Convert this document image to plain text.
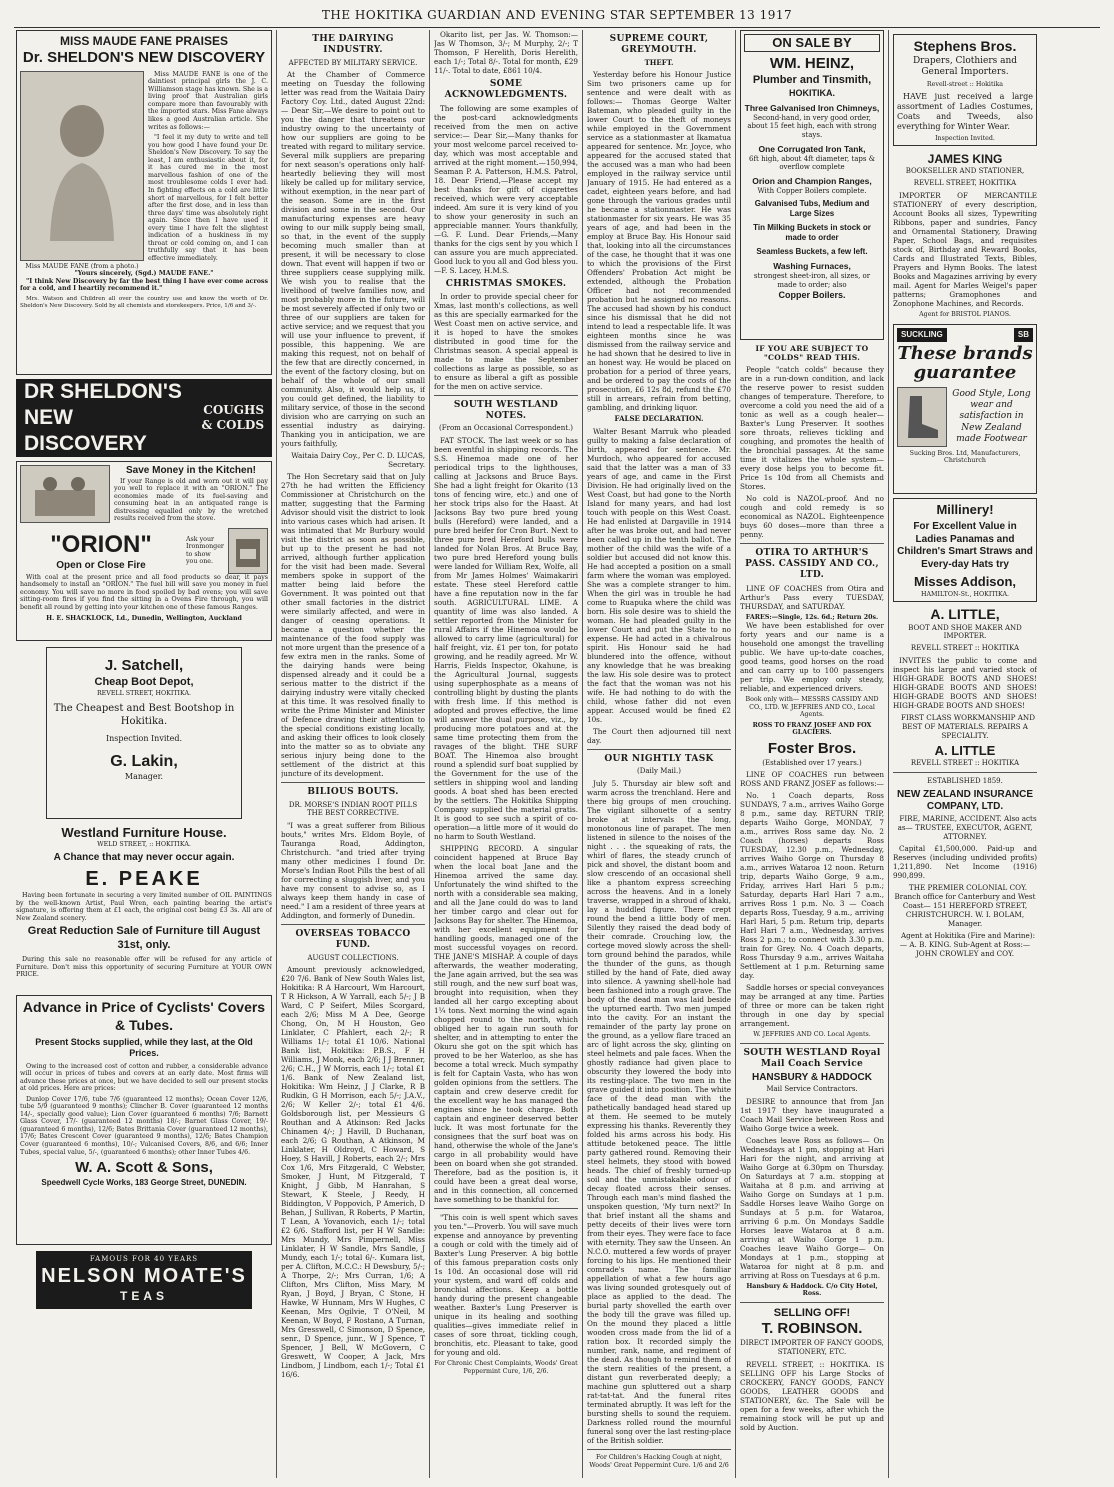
THE HOKITIKA GUARDIAN AND EVENING STAR SEPTEMBER 13 1917
MISS MAUDE FANE PRAISES
Dr. SHELDON'S NEW DISCOVERY
Miss MAUDE FANE (from a photo.)

Miss MAUDE FANE is one of the daintiest principal girls the J. C. Williamson stage has known. She is a living proof that Australian girls compare more than favourably with the imported stars. Miss Fane always likes a good Australian article. She writes as follows:—

"I feel it my duty to write and tell you how good I have found your Dr. Sheldon's New Discovery. To say the least, I am enthusiastic about it, for it has cured me in the most marvellous fashion of one of the most troublesome colds I ever had. In fighting effects on a cold are little short of marvellous, for I felt better after the first dose, and in less than three days' time was absolutely right again. Since then I have used it every time I have felt the slightest indication of a huskiness in my throat or cold coming on, and I can truthfully say that it has been effective immediately.

"Yours sincerely, (Sgd.) MAUDE FANE."

"I think New Discovery by far the best thing I have ever come across for a cold, and I heartily recommend it."

Mrs. Watson and Children all over the country use and know the worth of Dr. Sheldon's New Discovery. Sold by all chemists and storekeepers. Price, 1/6 and 3/-.

DR SHELDON'S
NEW DISCOVERY
COUGHS & COLDS
Save Money in the Kitchen!

If your Range is old and worn out it will pay you well to replace it with an "ORION." The economies made of its fuel-saving and consuming heat in an antiquated range is distressing equalled only by the wretched results received from the stove.

"ORION"
Open or Close Fire
Ask your Ironmonger to show you one.

With coal at the present price and all food products so dear, it pays handsomely to install an "ORION." The fuel bill will save you money in fuel economy. You will save no more in food spoiled by bad ovens; you will save sitting-room fires if you find the sitting in a Ovens Fire through, you will benefit all round by getting into your kitchen one of these famous Ranges.

H. E. SHACKLOCK, Ld., Dunedin, Wellington, Auckland
J. Satchell,
Cheap Boot Depot,
REVELL STREET, HOKITIKA.
The Cheapest and Best Bootshop in Hokitika.
Inspection Invited.
G. Lakin,
Manager.
Westland Furniture House.
WELD STREET, :: HOKITIKA.
A Chance that may never occur again.
E. PEAKE

Having been fortunate in securing a very limited number of OIL PAINTINGS by the well-known Artist, Paul Wren, each painting bearing the artist's signature, is offering them at £1 each, the original cost being £3 3s. All are of New Zealand scenery.

Great Reduction Sale of Furniture till August 31st, only.

During this sale no reasonable offer will be refused for any article of Furniture. Don't miss this opportunity of securing Furniture at YOUR OWN PRICE.

Advance in Price of Cyclists' Covers & Tubes.
Present Stocks supplied, while they last, at the Old Prices.

Owing to the increased cost of cotton and rubber, a considerable advance will occur in prices of tubes and covers at an early date. Most firms will advance these prices at once, but we have decided to sell our present stocks at old prices. Here are prices:

Dunlop Cover 17/6, tube 7/6 (guaranteed 12 months); Ocean Cover 12/6, tube 5/9 (guaranteed 9 months); Clincher B. Cover (guaranteed 12 months 14/-, specially good value); Lion Cover (guaranteed 6 months) 7/6; Barnett Glass Cover, 17/- (guaranteed 12 months) 18/-; Barnet Glass Cover, 19/- (guaranteed 6 months), 12/6; Bates Brittania Cover (guaranteed 12 months), 17/6; Bates Crescent Cover (guaranteed 9 months), 12/6; Bates Champion Cover (guaranteed 6 months), 10/-; Vulcanised Covers, 8/6, and 6/6; Inner Tubes, special value, 5/-, (guaranteed 6 months); other Inner Tubes 4/6.

W. A. Scott & Sons,
Speedwell Cycle Works, 183 George Street, DUNEDIN.
FAMOUS FOR 40 YEARS
NELSON MOATE'S
TEAS
THE DAIRYING INDUSTRY.
AFFECTED BY MILITARY SERVICE.

At the Chamber of Commerce meeting on Tuesday the following letter was read from the Waitaia Dairy Factory Coy. Ltd., dated August 22nd:— Dear Sir,—We desire to point out to you the danger that threatens our industry owing to the uncertainty of how our suppliers are going to be treated with regard to military service. Several milk suppliers are preparing for next season's operations only half-heartedly believing they will most likely be called up for military service, without exemption, in the near part of the season. Some are in the first division and some in the second. Our manufacturing expenses are heavy owing to our milk supply being small, so that, in the event of the supply becoming much smaller than at present, it will be necessary to close down. That event will happen if two or three suppliers cease supplying milk. We wish you to realise that the livelihood of twelve families now, and most probably more in the future, will be most severely affected if only two or three of our suppliers are taken for active service; and we request that you will use your influence to prevent, if possible, this happening. We are making this request, not on behalf of the few that are directly concerned, in the event of the factory closing, but on behalf of the whole of our small community. Also, it would help us, if you could get defined, the liability to military service, of those in the second division who are carrying on such an essential industry as dairying. Thanking you in anticipation, we are yours faithfully,

Waitaia Dairy Coy., Per C. D. LUCAS, Secretary.

The Hon Secretary said that on July 27th he had written the Efficiency Commissioner at Christchurch on the matter, suggesting that the Farming Advisor should visit the district to look into various cases which had arisen. It was intimated that Mr Burbury would visit the district as soon as possible, but up to the present he had not arrived, although further application for the visit had been made. Several members spoke in support of the matter being laid before the Government. It was pointed out that other small factories in the district were similarly affected, and were in danger of ceasing operations. It became a question whether the maintenance of the food supply was not more urgent than the presence of a few extra men in the ranks. Some of the dairying hands were being dispensed already and it could be a serious matter to the district if the dairying industry were vitally checked at this time. It was resolved finally to write the Prime Minister and Minister of Defence drawing their attention to the special conditions existing locally, and asking their offices to look closely into the matter so as to obviate any serious injury being done to the settlement of the district at this juncture of its development.

BILIOUS BOUTS.
DR. MORSE'S INDIAN ROOT PILLS THE BEST CORRECTIVE.

"I was a great sufferer from Bilious bouts," writes Mrs. Eldom Boyle, of Tauranga Road, Addington, Christchurch. "and tried after trying many other medicines I found Dr. Morse's Indian Root Pills the best of all for correcting a sluggish liver, and you have my consent to advise so, as I always keep them handy in case of need." I am a resident of three years at Addington, and formerly of Dunedin.

OVERSEAS TOBACCO FUND.
AUGUST COLLECTIONS.

Amount previously acknowledged, £20 7/6. Bank of New South Wales list, Hokitika: R A Harcourt, Wm Harcourt, T R Hickson, A W Yarrall, each 5/-; J B Ward, C P Seifert, Miles Scorgard, each 2/6; Miss M A Dee, George Chong, On, M H Houston, Geo Linklater, C Pfahlert, each 2/-; R Williams 1/-; total £1 10/6. National Bank list, Hokitika: P.B.S., F H Williams, J Monk, each 2/6; J J Brenner, 2/6; C.H., J W Morris, each 1/-; total £1 1/6. Bank of New Zealand list, Hokitika: Wm Heinz, J J Clarke, R B Rudkin, G H Morrison, each 5/-; J.A.V., 2/6; W Keller 2/-; total £1 4/6. Goldsborough list, per Messieurs G Routhan and A Atkinson: Red Jacks Chinamen 4/-; J Havill, D Buchanan, each 2/6; G Routhan, A Atkinson, M Linklater, H Oldroyd, C Howard, S Hoey, S Havill, J Roberts, each 2/-; Mrs Cox 1/6, Mrs Fitzgerald, C Webster, Smoker, J Hunt, M Fitzgerald, T Knight, J Gibb, M Hanrahan, S Stewart, K Steele, J Reedy, H Biddington, V Poppovich, P Americh, D Behan, J Sullivan, R Roberts, P Martin, T Lean, A Yovanovich, each 1/-; total £2 6/6. Stafford list, per H W Sandle: Mrs Mundy, Mrs Pimpernell, Miss Linklater, H W Sandle, Mrs Sandle, J Mundy, each 1/-; total 6/-. Kumara list, per A. Clifton, M.C.C.: H Dewsbury, 5/-; A Thorpe, 2/-; Mrs Curran, 1/6; A Clifton, Mrs Clifton, Miss Mary, M Ryan, J Boyd, J Bryan, C Stone, H Hawke, W Hunnam, Mrs W Hughes, C Keenan, Mrs Ogilvie, T O'Neil, M Keenan, W Boyd, F Rostano, A Turnan, Mrs Gresswell, C Simonson, D Spence, senr., D Spence, junr., W J Spence, T Spencer, J Bell, W McGovern, C Greswett, W Cooper, A Jack, Mrs Lindbom, J Lindbom, each 1/-; Total £1 16/6.

Okarito list, per Jas. W. Thomson:— Jas W Thomson, 3/-; M Murphy, 2/-; T Thomson, F Herelith, Doris Herelith, each 1/-; Total 8/-. Total for month, £29 11/-. Total to date, £861 10/4.

SOME ACKNOWLEDGMENTS.

The following are some examples of the post-card acknowledgments received from the men on active service:— Dear Sir,—Many thanks for your most welcome parcel received to-day, which was most acceptable and arrived at the right moment.—150,994, Seaman P. A. Patterson, H.M.S. Patrol, 18. Dear Friend,—Please accept my best thanks for gift of cigarettes received, which were very acceptable indeed. Am sure it is very kind of you to show your generosity in such an appreciable manner. Yours thankfully,—G. F. Lund. Dear Friends,—Many thanks for the cigs sent by you which I can assure you are much appreciated. Good luck to you all and God bless you.—F. S. Lacey, H.M.S.

CHRISTMAS SMOKES.

In order to provide special cheer for Xmas, last month's collections, as well as this are specially earmarked for the West Coast men on active service, and it is hoped to have the smokes distributed in good time for the Christmas season. A special appeal is made to make the September collections as large as possible, so as to ensure as liberal a gift as possible for the men on active service.

SOUTH WESTLAND NOTES.
(From an Occasional Correspondent.)

FAT STOCK. The last week or so has been eventful in shipping records. The S.S. Hinemoa made one of her periodical trips to the lighthouses, calling at Jacksons and Bruce Bays. She had a light freight for Okarito (13 tons of fencing wire, etc.) and one of her stock trips also for the Haast. At Jacksons Bay two pure bred young bulls (Hereford) were landed, and a pure bred heifer for Cron Burt. Next to three pure bred Hereford bulls were landed for Nolan Bros. At Bruce Bay, two pure bred Hereford young bulls were landed for William Rex, Wolfe, all from Mr James Holmes' Waimakariri estate. These steel Hereford cattle have a fine reputation now in the far south. AGRICULTURAL LIME. A quantity of lime was also landed. A settler reported from the Minister for rural Affairs if the Hinemoa would be allowed to carry lime (agricultural) for half freight, viz. £1 per ton, for potato growing, and he readily agreed. Mr W. Harris, Fields Inspector, Okahune, is the Agricultural Journal, suggests using superphosphate as a means of controlling blight by dusting the plants with fresh lime. If this method is adopted and proves effective, the lime will answer the dual purpose, viz., by producing more potatoes and at the same time protecting them from the ravages of the blight. THE SURF BOAT. The Hinemoa also brought round a splendid surf boat supplied by the Government for the use of the settlers in shipping wool and landing goods. A boat shed has been erected by the settlers. The Hokitika Shipping Company supplied the material gratis. It is good to see such a spirit of co-operation—a little more of it would do no harm to South Westland.

SHIPPING RECORD. A singular coincident happened at Bruce Bay when the local boat Jane and the Hinemoa arrived the same day. Unfortunately the wind shifted to the north with a considerable sea making, and all the Jane could do was to land her timber cargo and clear out for Jacksons Bay for shelter. The Hinemoa, with her excellent equipment for handling goods, managed one of the most successful voyages on record. THE JANE'S MISHAP. A couple of days afterwards, the weather moderating, the Jane again arrived, but the sea was still rough, and the new surf boat was, brought into requisition, when they landed all her cargo excepting about 1¼ tons. Next morning the wind again chopped round to the north, which obliged her to again run south for shelter, and in attempting to enter the Okuru she got on the spit which has proved to be her Waterloo, as she has become a total wreck. Much sympathy is felt for Captain Vasta, who has won golden opinions from the settlers. The captain and crew deserve credit for the excellent way he has managed the engines since he took charge. Both captain and engineer deserved better luck. It was most fortunate for the consignees that the surf boat was on hand, otherwise the whole of the Jane's cargo in all probability would have been on board when she got stranded. Therefore, bad as the position is, it could have been a great deal worse, and in this connection, all concerned have something to be thankful for.

"This coin is well spent which saves you ten."—Proverb. You will save much expense and annoyance by preventing a cough or cold with the timely aid of Baxter's Lung Preserver. A big bottle of this famous preparation costs only 1s 10d. An occasional dose will rid your system, and ward off colds and bronchial affections. Keep a bottle handy during the present changeable weather. Baxter's Lung Preserver is unique in its healing and soothing qualities—gives immediate relief in cases of sore throat, tickling cough, bronchitis, etc. Pleasant to take, good for young and old.

For Chronic Chest Complaints, Woods' Great Peppermint Cure, 1/6, 2/6.
SUPREME COURT, GREYMOUTH.
THEFT.

Yesterday before his Honour Justice Sim two prisoners came up for sentence and were dealt with as follows:— Thomas George Walter Bateman, who pleaded guilty in the lower Court to the theft of moneys while employed in the Government service as a stationmaster at Ikamatua appeared for sentence. Mr. Joyce, who appeared for the accused stated that the accused was a man who had been employed in the railway service until January of 1915. He had entered as a cadet, eighteen years before, and had gone through the various grades until he became a stationmaster. He was stationmaster for six years. He was 35 years of age, and had been in the employ at Bruce Bay. His Honour said that, looking into all the circumstances of the case, he thought that it was one to which the provisions of the First Offenders' Probation Act might be extended, although the Probation Officer had not recommended probation but he assigned no reasons. The accused had shown by his conduct since his dismissal that he did not intend to lead a respectable life. It was eighteen months since he was dismissed from the railway service and he had shown that he desired to live in an honest way. He would be placed on probation for a period of three years, and be ordered to pay the costs of the prosecution, £6 12s 8d, refund the £70 still in arrears, refrain from betting, gambling, and drinking liquor.

FALSE DECLARATION.

Walter Besant Marruk who pleaded guilty to making a false declaration of birth, appeared for sentence. Mr. Murdoch, who appeared for accused said that the latter was a man of 33 years of age, and came in the First Division. He had originally lived on the West Coast, but had gone to the North Island for many years, and had lost touch with people on this West Coast. He had enlisted at Dargaville in 1914 after he was broke out, and had never been called up in the tenth ballot. The mother of the child was the wife of a soldier but accused did not know this. He had accepted a position on a small farm where the woman was employed. She was a complete stranger to him. When the girl was in trouble he had come to Ruapuka where the child was born. His sole desire was to shield the woman. He had pleaded guilty in the lower Court and put the State to no expense. He had acted in a chivalrous spirit. His Honour said he had blundered into the offence, without any knowledge that he was breaking the law. His sole desire was to protect the fact that the woman was not his wife. He had nothing to do with the child, whose father did not even appear. Accused would be fined £2 10s.

The Court then adjourned till next day.

OUR NIGHTLY TASK
(Daily Mail.)

July 5. Thursday air blew soft and warm across the trenchland. Here and there big groups of men crouching. The vigilant silhouette of a sentry broke at intervals the long, monotonous line of parapet. The men listened in silence to the noises of the night . . . the squeaking of rats, the whirl of flares, the steady crunch of pick and shovel, the distant boom and slow crescendo of an occasional shell like a phantom express screeching across the heavens. And in a lonely traverse, wrapped in a shroud of khaki, lay a huddled figure. There crept round the bend a little body of men. Silently they raised the dead body of their comrade. Crouching low, the cortege moved slowly across the shell-torn ground behind the parados, while the thunder of the guns, as though stilled by the hand of Fate, died away into silence. A yawning shell-hole had been fashioned into a rough grave. The body of the dead man was laid beside the upturned earth. Two men jumped into the cavity. For an instant the remainder of the party lay prone on the ground, as a yellow flare traced an arc of light across the sky, glinting on steel helmets and pale faces. When the ghostly radiance had given place to obscurity they lowered the body into its resting-place. The two men in the grave guided it into position. The white face of the dead man with the pathetically bandaged head stared up at them. He seemed to be mutely expressing his thanks. Reverently they folded his arms across his body. His attitude betokened peace. The little party gathered round. Removing their steel helmets, they stood with bowed heads. The chief of freshly turned-up soil and the unmistakable odour of decay floated across their senses. Through each man's mind flashed the unspoken question, 'My turn next?' In that brief instant all the shams and petty deceits of their lives were torn from their eyes. They were face to face with eternity. They saw the Unseen. An N.C.O. muttered a few words of prayer forcing to his lips. He mentioned their comrade's name. The familiar appellation of what a few hours ago was living sounded grotesquely out of place as applied to the dead. The burial party shovelled the earth over the body till the grave was filled up. On the mound they placed a little wooden cross made from the lid of a ration box. It recorded simply the number, rank, name, and regiment of the dead. As though to remind them of the stern realities of the present, a distant gun reverberated deeply; a machine gun spluttered out a sharp rat-tat-tat. And the funeral rites terminated abruptly. It was left for the bursting shells to sound the requiem. Darkness rolled round the mournful funeral song over the last resting-place of the British soldier.

For Children's Hacking Cough at night, Woods' Great Peppermint Cure. 1/6 and 2/6
ON SALE BY
WM. HEINZ,
Plumber and Tinsmith,
HOKITIKA.
Three Galvanised Iron Chimneys,
Second-hand, in very good order, about 15 feet high, each with strong stays.
One Corrugated Iron Tank,
6ft high, about 4ft diameter, taps & overflow complete
Orion and Champion Ranges,
With Copper Boilers complete.
Galvanised Tubs, Medium and Large Sizes
Tin Milking Buckets in stock or made to order
Seamless Buckets, a few left.
Washing Furnaces,
strongest sheet-iron, all sizes, or made to order; also
Copper Boilers.
IF YOU ARE SUBJECT TO "COLDS" READ THIS.

People "catch colds" because they are in a run-down condition, and lack the reserve power to resist sudden changes of temperature. Therefore, to overcome a cold you need the aid of a tonic as well as a cough healer—Baxter's Lung Preserver. It soothes sore throats, relieves tickling and coughing, and promotes the health of the bronchial passages. At the same time it vitalizes the whole system—every dose helps you to become fit. Price 1s 10d from all Chemists and Stores.

No cold is NAZOL-proof. And no cough and cold remedy is so economical as NAZOL. Eighteenpence buys 60 doses—more than three a penny.

OTIRA TO ARTHUR'S PASS. CASSIDY AND CO., LTD.

LINE OF COACHES from Otira and Arthur's Pass every TUESDAY, THURSDAY, and SATURDAY.

FARES:—Single, 12s. 6d.; Return 20s.

We have been established for over forty years and our name is a household one amongst the travelling public. We have up-to-date coaches, good teams, good horses on the road and can carry up to 100 passengers per trip. We employ only steady, reliable, and experienced drivers.

Book only with— MESSRS CASSIDY AND CO., LTD. W. JEFFRIES AND CO., Local Agents.
ROSS TO FRANZ JOSEF AND FOX GLACIERS.
Foster Bros.
(Established over 17 years.)

LINE OF COACHES run between ROSS AND FRANZ JOSEF as follows:—

No. 1 Coach departs, Ross SUNDAYS, 7 a.m., arrives Waiho Gorge 8 p.m., same day. RETURN TRIP, departs Waiho Gorge, MONDAY, 7 a.m., arrives Ross same day. No. 2 Coach (horses) departs Ross TUESDAY, 12.30 p.m., Wednesday, arrives Waiho Gorge on Thursday 8 a.m., arrives Wataroa 12 noon. Return trip, departs Waiho Gorge, 9 a.m., Friday, arrives Harl Hari 5 p.m.; Saturday, departs Harl Hari 7 a.m., arrives Ross 1 p.m. No. 3 — Coach departs Ross, Tuesday, 9 a.m., arriving Harl Hari, 5 p.m. Return trip, departs Harl Hari 7 a.m., Wednesday, arrives Ross 2 p.m.; to connect with 3.30 p.m. train for Grey. No. 4 Coach departs, Ross Thursday 9 a.m., arrives Waitaha Settlement at 1 p.m. Returning same day.

Saddle horses or special conveyances may be arranged at any time. Parties of three or more can be taken right through in one day by special arrangement.

W. JEFFRIES AND CO. Local Agents.
SOUTH WESTLAND Royal Mail Coach Service
HANSBURY & HADDOCK
Mail Service Contractors.

DESIRE to announce that from Jan 1st 1917 they have inaugurated a Coach Mail Service between Ross and Waiho Gorge twice a week.

Coaches leave Ross as follows— On Wednesdays at 1 pm, stopping at Hari Hari for the night, and arriving at Waiho Gorge at 6.30pm on Thursday. On Saturdays at 7 a.m. stopping at Waitaha at 8 p.m. and arriving at Waiho Gorge on Sundays at 1 p.m. Saddle Horses leave Waiho Gorge on Sundays at 5 p.m. for Wataroa, arriving 6 p.m. On Mondays Saddle Horses leave Wataroa at 8 a.m. arriving at Waiho Gorge 1 p.m. Coaches leave Waiho Gorge— On Mondays at 1 p.m., stopping at Wataroa for night at 8 p.m. and arriving at Ross on Tuesdays at 6 p.m.

Hansbury & Haddock. C/o City Hotel, Ross.
SELLING OFF!
T. ROBINSON.
DIRECT IMPORTER OF FANCY GOODS, STATIONERY, ETC.

REVELL STREET, :: HOKITIKA. IS SELLING OFF his Large Stocks of CROCKERY, FANCY GOODS, FANCY GOODS, LEATHER GOODS and STATIONERY, &c. The Sale will be open for a few weeks, after which the remaining stock will be put up and sold by Auction.

Stephens Bros.
Drapers, Clothiers and General Importers.
Revell-street :: Hokitika

HAVE just received a large assortment of Ladies Costumes, Coats and Tweeds, also everything for Winter Wear.

Inspection Invited.
JAMES KING
BOOKSELLER AND STATIONER,
REVELL STREET, HOKITIKA

IMPORTER OF MERCANTILE STATIONERY of every description, Account Books all sizes, Typewriting Ribbons, paper and sundries, Fancy and Ornamental Stationery, Drawing Paper, School Bags, and requisites stock of, Birthday and Reward Books, Cards and Illustrated Texts, Bibles, Prayers and Hymn Books. The latest Books and Magazines arriving by every mail. Agent for Marles Weigel's paper patterns; Gramophones and Zonophone Machines, and Records.

Agent for BRISTOL PIANOS.
SUCKLING	SB
These brands guarantee
Good Style, Long wear and satisfaction in New Zealand made Footwear
Sucking Bros. Ltd, Manufacturers, Christchurch
Millinery!
For Excellent Value in Ladies Panamas and Children's Smart Straws and Every-day Hats try
Misses Addison,
HAMILTON-St., HOKITIKA.
A. LITTLE,
BOOT AND SHOE MAKER AND IMPORTER.
REVELL STREET :: HOKITIKA

INVITES the public to come and inspect his large and varied stock of HIGH-GRADE BOOTS AND SHOES! HIGH-GRADE BOOTS AND SHOES! HIGH-GRADE BOOTS AND SHOES! HIGH-GRADE BOOTS AND SHOES!

FIRST CLASS WORKMANSHIP AND BEST OF MATERIALS. REPAIRS A SPECIALITY.

A. LITTLE
REVELL STREET :: HOKITIKA
ESTABLISHED 1859.
NEW ZEALAND INSURANCE COMPANY, LTD.

FIRE, MARINE, ACCIDENT. Also acts as— TRUSTEE, EXECUTOR, AGENT, ATTORNEY.

Capital £1,500,000. Paid-up and Reserves (including undivided profits) 1,211,890. Net Income (1916) 990,899.

THE PREMIER COLONIAL COY. Branch office for Canterbury and West Coast— 151 HEREFORD STREET, CHRISTCHURCH. W. I. BOLAM, Manager.

Agent at Hokitika (Fire and Marine):— A. B. KING. Sub-Agent at Ross:— JOHN CROWLEY and COY.
